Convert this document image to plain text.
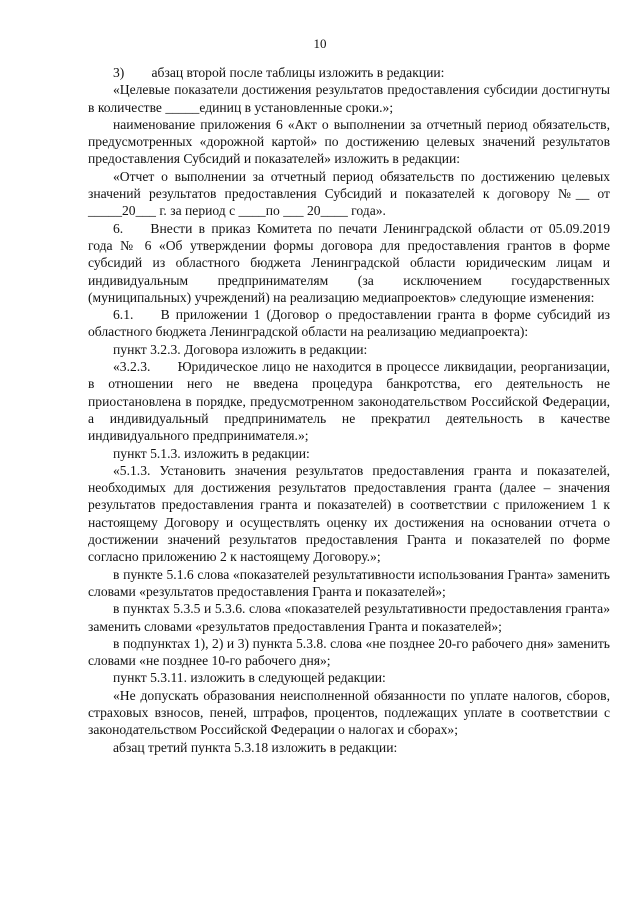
10

3)  абзац второй после таблицы изложить в редакции:

«Целевые показатели достижения результатов предоставления субсидии достигнуты в количестве _____единиц в установленные сроки.»;

наименование приложения 6 «Акт о выполнении за отчетный период обязательств, предусмотренных «дорожной картой» по достижению целевых значений результатов предоставления Субсидий и показателей» изложить в редакции:

«Отчет о выполнении за отчетный период обязательств по достижению целевых значений результатов предоставления Субсидий и показателей к договору №__ от _____20___ г. за период с ____по ___ 20____ года».

6.  Внести в приказ Комитета по печати Ленинградской области от 05.09.2019 года № 6 «Об утверждении формы договора для предоставления грантов в форме субсидий из областного бюджета Ленинградской области юридическим лицам и индивидуальным предпринимателям (за исключением государственных (муниципальных) учреждений) на реализацию медиапроектов» следующие изменения:

6.1.  В приложении 1 (Договор о предоставлении гранта в форме субсидий из областного бюджета Ленинградской области на реализацию медиапроекта):

пункт 3.2.3. Договора изложить в редакции:

«3.2.3.  Юридическое лицо не находится в процессе ликвидации, реорганизации, в отношении него не введена процедура банкротства, его деятельность не приостановлена в порядке, предусмотренном законодательством Российской Федерации, а индивидуальный предприниматель не прекратил деятельность в качестве индивидуального предпринимателя.»;

пункт 5.1.3. изложить в редакции:

«5.1.3. Установить значения результатов предоставления гранта и показателей, необходимых для достижения результатов предоставления гранта (далее – значения результатов предоставления гранта и показателей) в соответствии с приложением 1 к настоящему Договору и осуществлять оценку их достижения на основании отчета о достижении значений результатов предоставления Гранта и показателей по форме согласно приложению 2 к настоящему Договору.»;

в пункте 5.1.6 слова «показателей результативности использования Гранта» заменить словами «результатов предоставления Гранта и показателей»;

в пунктах 5.3.5 и 5.3.6. слова «показателей результативности предоставления гранта» заменить словами «результатов предоставления Гранта и показателей»;

в подпунктах 1), 2) и 3) пункта 5.3.8. слова «не позднее 20-го рабочего дня» заменить словами «не позднее 10-го рабочего дня»;

пункт 5.3.11. изложить в следующей редакции:

«Не допускать образования неисполненной обязанности по уплате налогов, сборов, страховых взносов, пеней, штрафов, процентов, подлежащих уплате в соответствии с законодательством Российской Федерации о налогах и сборах»;

абзац третий пункта 5.3.18 изложить в редакции:
